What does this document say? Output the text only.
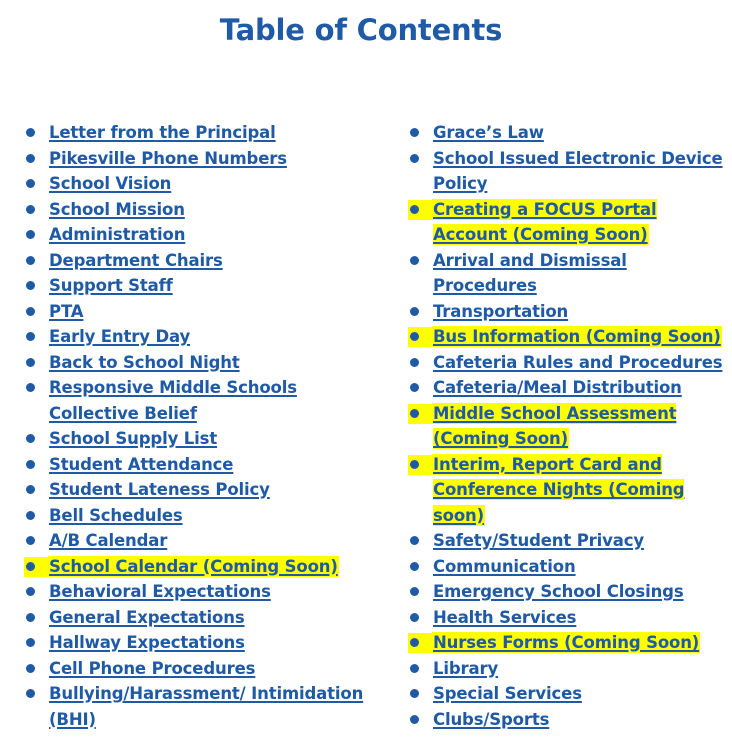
Table of Contents
Letter from the Principal
Pikesville Phone Numbers
School Vision
School Mission
Administration
Department Chairs
Support Staff
PTA
Early Entry Day
Back to School Night
Responsive Middle Schools Collective Belief
School Supply List
Student Attendance
Student Lateness Policy
Bell Schedules
A/B Calendar
School Calendar (Coming Soon)
Behavioral Expectations
General Expectations
Hallway Expectations
Cell Phone Procedures
Bullying/Harassment/ Intimidation (BHI)
Grace’s Law
School Issued Electronic Device Policy
Creating a FOCUS Portal Account (Coming Soon)
Arrival and Dismissal Procedures
Transportation
Bus Information (Coming Soon)
Cafeteria Rules and Procedures
Cafeteria/Meal Distribution
Middle School Assessment (Coming Soon)
Interim, Report Card and Conference Nights (Coming soon)
Safety/Student Privacy
Communication
Emergency School Closings
Health Services
Nurses Forms (Coming Soon)
Library
Special Services
Clubs/Sports
